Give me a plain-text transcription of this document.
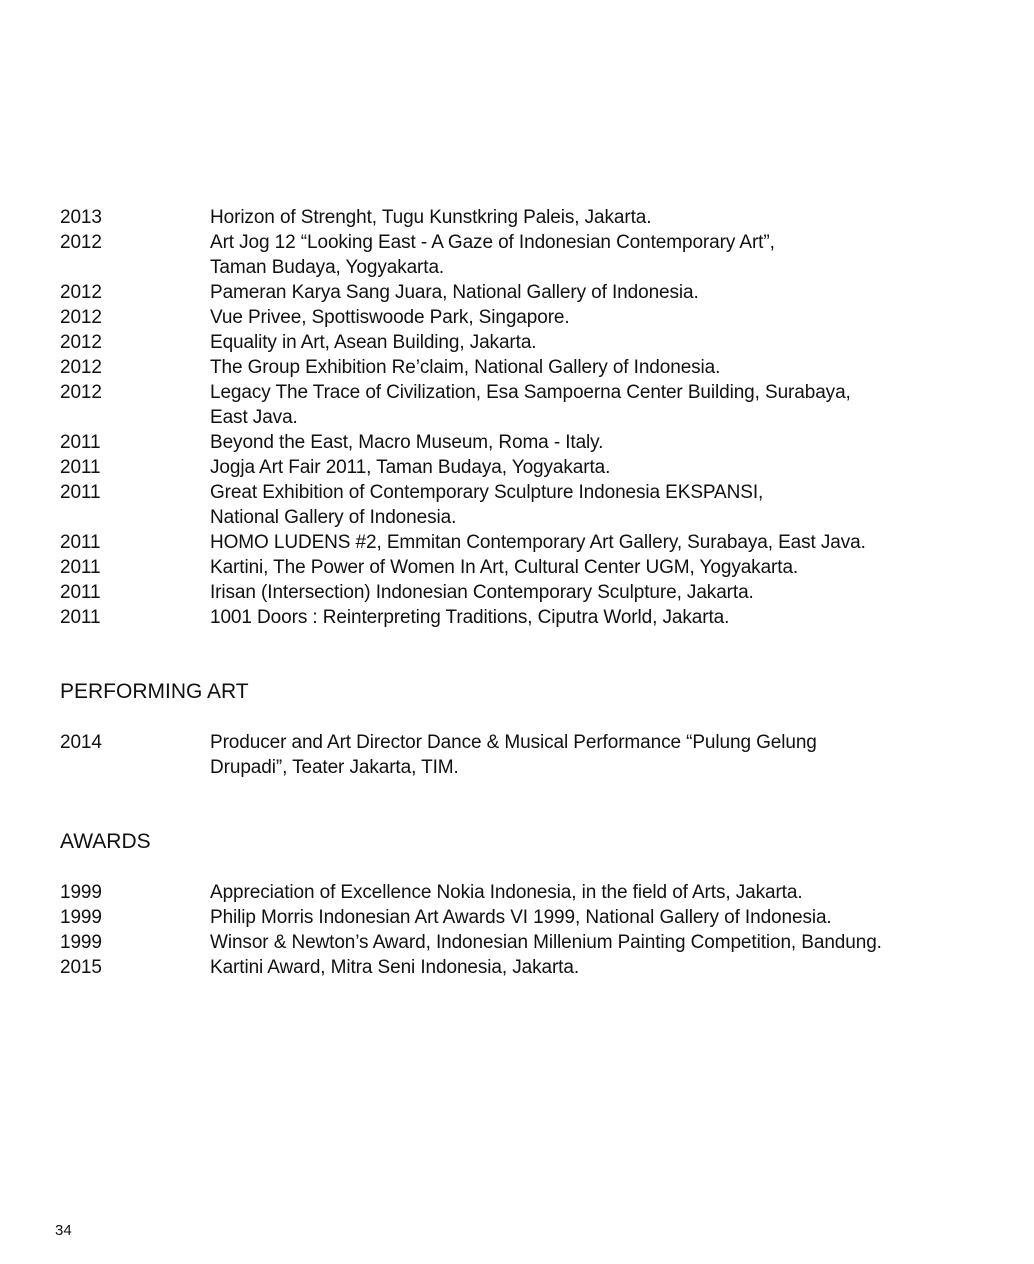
2013	Horizon of Strenght, Tugu Kunstkring Paleis, Jakarta.
2012	Art Jog 12 “Looking East - A Gaze of Indonesian Contemporary Art”,
Taman Budaya, Yogyakarta.
2012	Pameran Karya Sang Juara, National Gallery of Indonesia.
2012	Vue Privee, Spottiswoode Park, Singapore.
2012	Equality in Art, Asean Building, Jakarta.
2012	The Group Exhibition Re’claim, National Gallery of Indonesia.
2012	Legacy The Trace of Civilization, Esa Sampoerna Center Building, Surabaya,
East Java.
2011	Beyond the East, Macro Museum, Roma - Italy.
2011	Jogja Art Fair 2011, Taman Budaya, Yogyakarta.
2011	Great Exhibition of Contemporary Sculpture Indonesia EKSPANSI,
National Gallery of Indonesia.
2011	HOMO LUDENS #2, Emmitan Contemporary Art Gallery, Surabaya, East Java.
2011	Kartini, The Power of Women In Art, Cultural Center UGM, Yogyakarta.
2011	Irisan (Intersection) Indonesian Contemporary Sculpture, Jakarta.
2011	1001 Doors : Reinterpreting Traditions, Ciputra World, Jakarta.
PERFORMING ART
2014	Producer and Art Director Dance & Musical Performance “Pulung Gelung
Drupadi”, Teater Jakarta, TIM.
AWARDS
1999	Appreciation of Excellence Nokia Indonesia, in the field of Arts, Jakarta.
1999	Philip Morris Indonesian Art Awards VI 1999, National Gallery of Indonesia.
1999	Winsor & Newton’s Award, Indonesian Millenium Painting Competition, Bandung.
2015	Kartini Award, Mitra Seni Indonesia, Jakarta.
34
